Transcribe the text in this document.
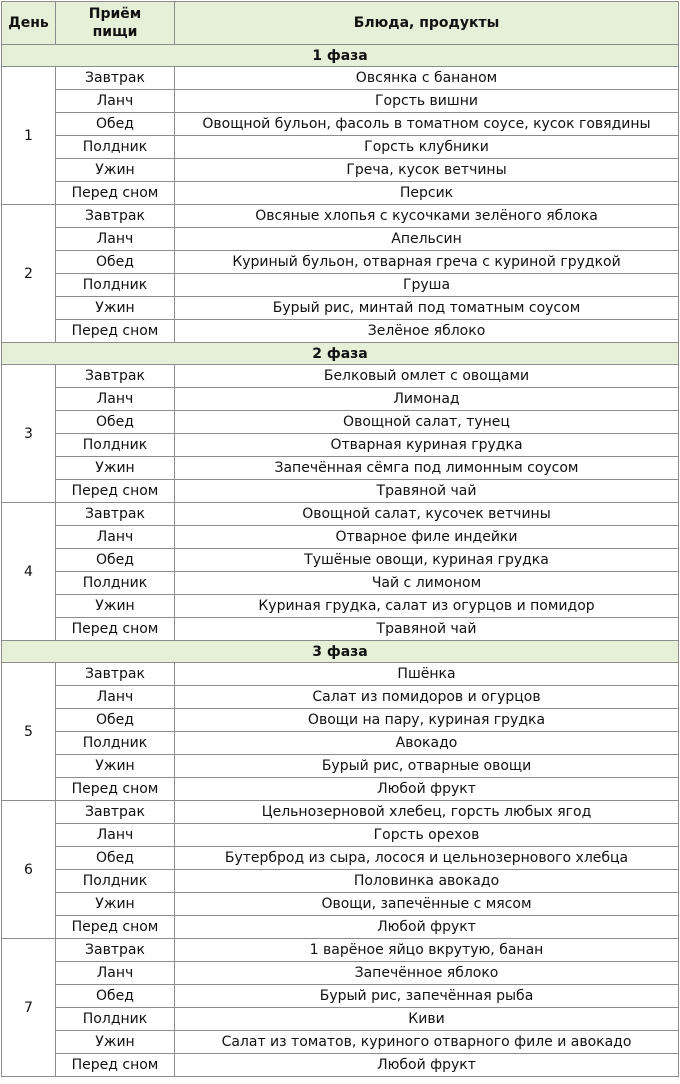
День	Приём пищи	Блюда, продукты
1 фаза		
1	Завтрак	Овсянка с бананом
	Ланч	Горсть вишни
	Обед	Овощной бульон, фасоль в томатном соусе, кусок говядины
	Полдник	Горсть клубники
	Ужин	Греча, кусок ветчины
	Перед сном	Персик
2	Завтрак	Овсяные хлопья с кусочками зелёного яблока
	Ланч	Апельсин
	Обед	Куриный бульон, отварная греча с куриной грудкой
	Полдник	Груша
	Ужин	Бурый рис, минтай под томатным соусом
	Перед сном	Зелёное яблоко
2 фаза		
3	Завтрак	Белковый омлет с овощами
	Ланч	Лимонад
	Обед	Овощной салат, тунец
	Полдник	Отварная куриная грудка
	Ужин	Запечённая сёмга под лимонным соусом
	Перед сном	Травяной чай
4	Завтрак	Овощной салат, кусочек ветчины
	Ланч	Отварное филе индейки
	Обед	Тушёные овощи, куриная грудка
	Полдник	Чай с лимоном
	Ужин	Куриная грудка, салат из огурцов и помидор
	Перед сном	Травяной чай
3 фаза		
5	Завтрак	Пшёнка
	Ланч	Салат из помидоров и огурцов
	Обед	Овощи на пару, куриная грудка
	Полдник	Авокадо
	Ужин	Бурый рис, отварные овощи
	Перед сном	Любой фрукт
6	Завтрак	Цельнозерновой хлебец, горсть любых ягод
	Ланч	Горсть орехов
	Обед	Бутерброд из сыра, лосося и цельнозернового хлебца
	Полдник	Половинка авокадо
	Ужин	Овощи, запечённые с мясом
	Перед сном	Любой фрукт
7	Завтрак	1 варёное яйцо вкрутую, банан
	Ланч	Запечённое яблоко
	Обед	Бурый рис, запечённая рыба
	Полдник	Киви
	Ужин	Салат из томатов, куриного отварного филе и авокадо
	Перед сном	Любой фрукт
